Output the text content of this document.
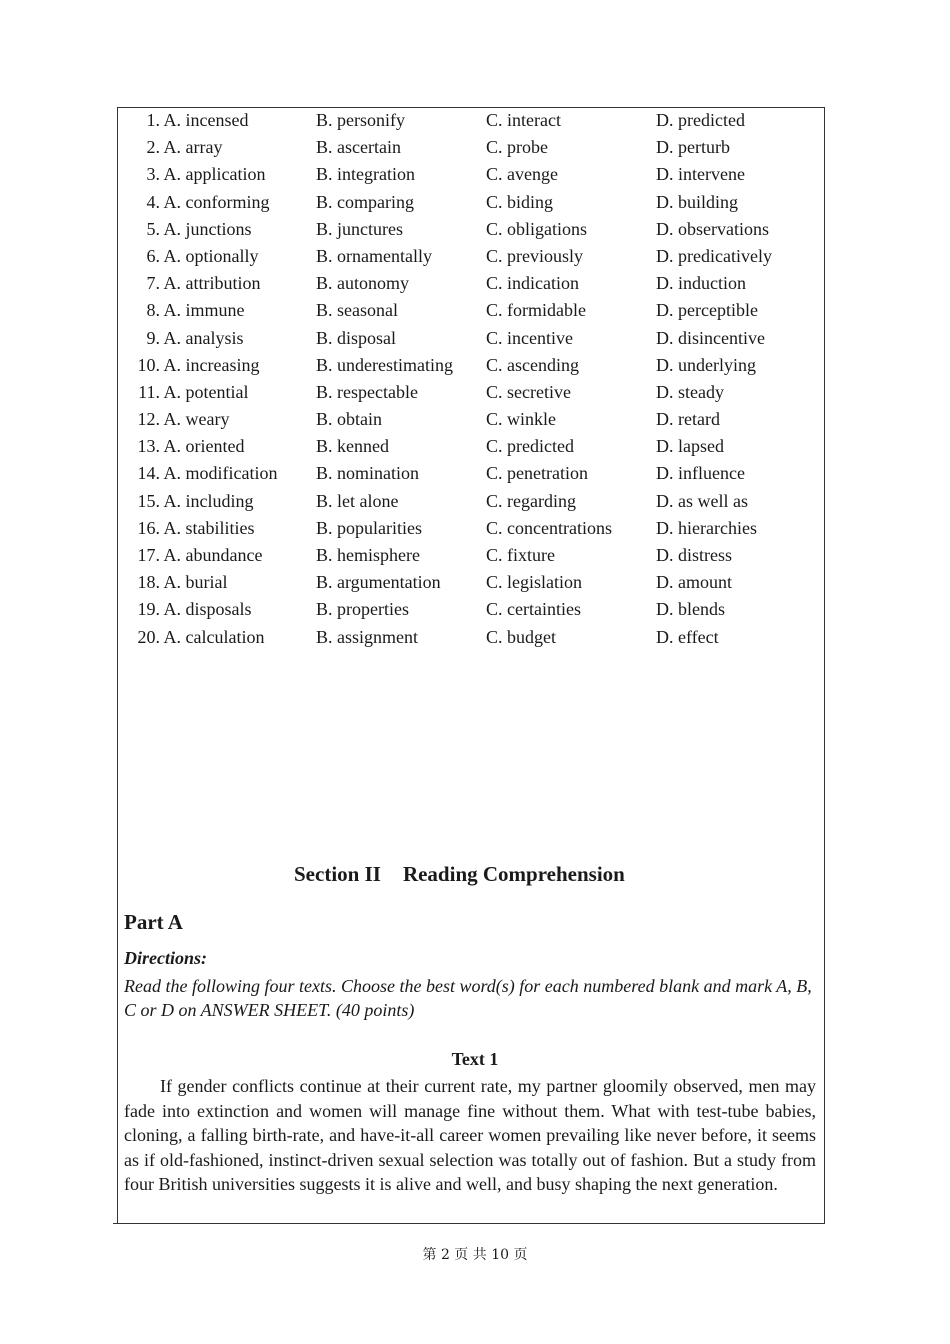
1. A. incensed	B. personify	C. interact	D. predicted
2. A. array	B. ascertain	C. probe	D. perturb
3. A. application	B. integration	C. avenge	D. intervene
4. A. conforming	B. comparing	C. biding	D. building
5. A. junctions	B. junctures	C. obligations	D. observations
6. A. optionally	B. ornamentally	C. previously	D. predicatively
7. A. attribution	B. autonomy	C. indication	D. induction
8. A. immune	B. seasonal	C. formidable	D. perceptible
9. A. analysis	B. disposal	C. incentive	D. disincentive
10. A. increasing	B. underestimating C. ascending	D. underlying
11. A. potential	B. respectable	C. secretive	D. steady
12. A. weary	B. obtain	C. winkle	D. retard
13. A. oriented	B. kenned	C. predicted	D. lapsed
14. A. modification	B. nomination	C. penetration	D. influence
15. A. including	B. let alone	C. regarding	D. as well as
16. A. stabilities	B. popularities	C. concentrations D. hierarchies
17. A. abundance	B. hemisphere	C. fixture	D. distress
18. A. burial	B. argumentation	C. legislation	D. amount
19. A. disposals	B. properties	C. certainties	D. blends
20. A. calculation	B. assignment	C. budget	D. effect
Section II Reading Comprehension
Part A
Directions:
Read the following four texts. Choose the best word(s) for each numbered blank and mark A, B, C or D on ANSWER SHEET. (40 points)
Text 1
If gender conflicts continue at their current rate, my partner gloomily observed, men may fade into extinction and women will manage fine without them. What with test-tube babies, cloning, a falling birth-rate, and have-it-all career women prevailing like never before, it seems as if old-fashioned, instinct-driven sexual selection was totally out of fashion. But a study from four British universities suggests it is alive and well, and busy shaping the next generation.
第 2 页 共 10 页
